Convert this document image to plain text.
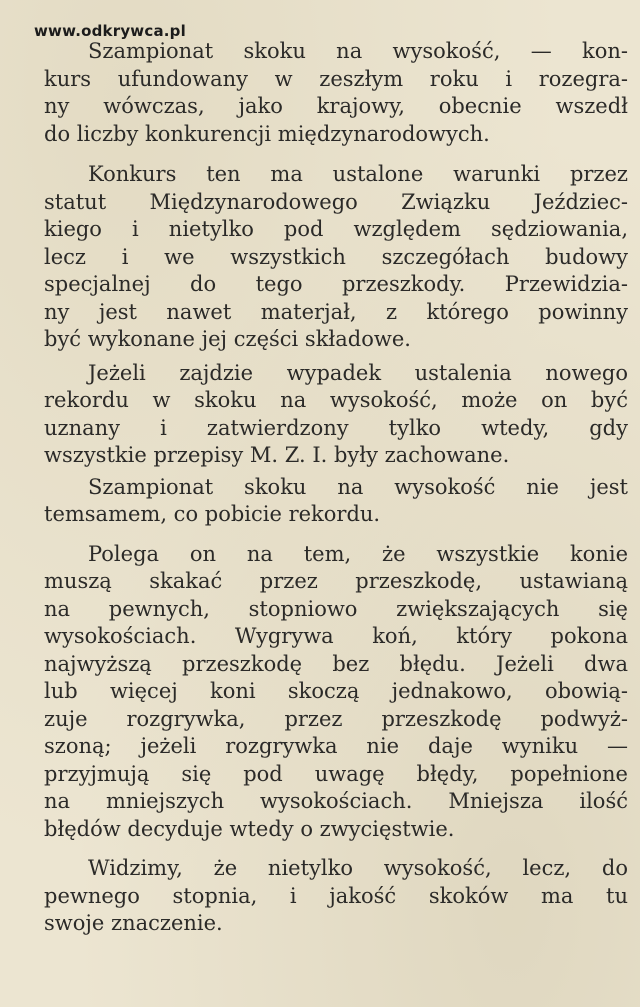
www.odkrywca.pl

Szampionat skoku na wysokość, — kon-
kurs ufundowany w zeszłym roku i rozegra-
ny wówczas, jako krajowy, obecnie wszedł
do liczby konkurencji międzynarodowych.

Konkurs ten ma ustalone warunki przez
statut Międzynarodowego Związku Jeździec-
kiego i nietylko pod względem sędziowania,
lecz i we wszystkich szczegółach budowy
specjalnej do tego przeszkody. Przewidzia-
ny jest nawet materjał, z którego powinny
być wykonane jej części składowe.

Jeżeli zajdzie wypadek ustalenia nowego
rekordu w skoku na wysokość, może on być
uznany i zatwierdzony tylko wtedy, gdy
wszystkie przepisy M. Z. I. były zachowane.

Szampionat skoku na wysokość nie jest
temsamem, co pobicie rekordu.

Polega on na tem, że wszystkie konie
muszą skakać przez przeszkodę, ustawianą
na pewnych, stopniowo zwiększających się
wysokościach. Wygrywa koń, który pokona
najwyższą przeszkodę bez błędu. Jeżeli dwa
lub więcej koni skoczą jednakowo, obowią-
zuje rozgrywka, przez przeszkodę podwyż-
szoną; jeżeli rozgrywka nie daje wyniku —
przyjmują się pod uwagę błędy, popełnione
na mniejszych wysokościach. Mniejsza ilość
błędów decyduje wtedy o zwycięstwie.

Widzimy, że nietylko wysokość, lecz, do
pewnego stopnia, i jakość skoków ma tu
swoje znaczenie.
